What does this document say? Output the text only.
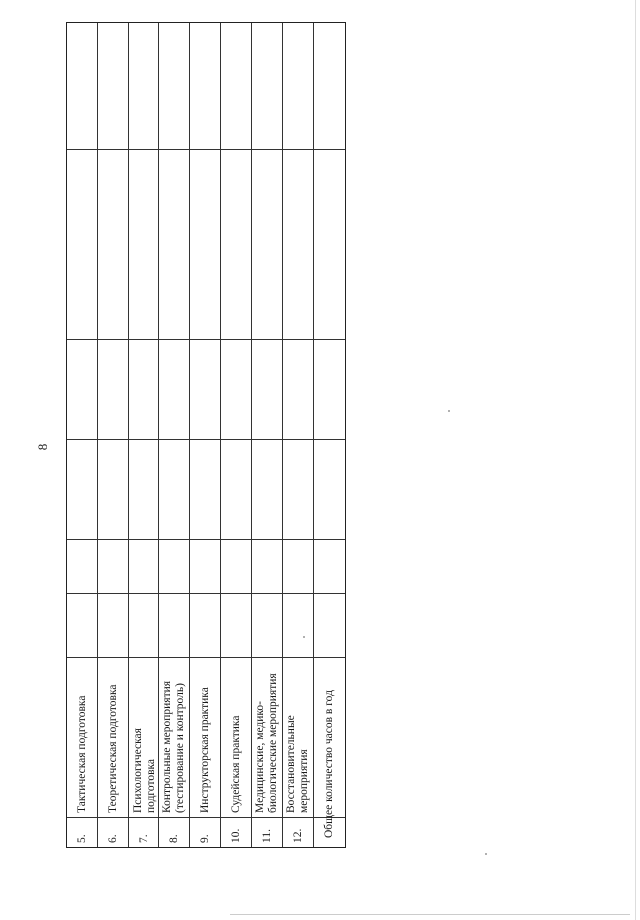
8
5. 6. 7. 8. 9. 10. 11. 12.
Тактическая подготовка Теоретическая подготовка Психологическая подготовка Контрольные мероприятия (тестирование и контроль) Инструкторская практика Судейская практика Медицинские, медико- биологические мероприятия Восстановительные мероприятия Общее количество часов в год
